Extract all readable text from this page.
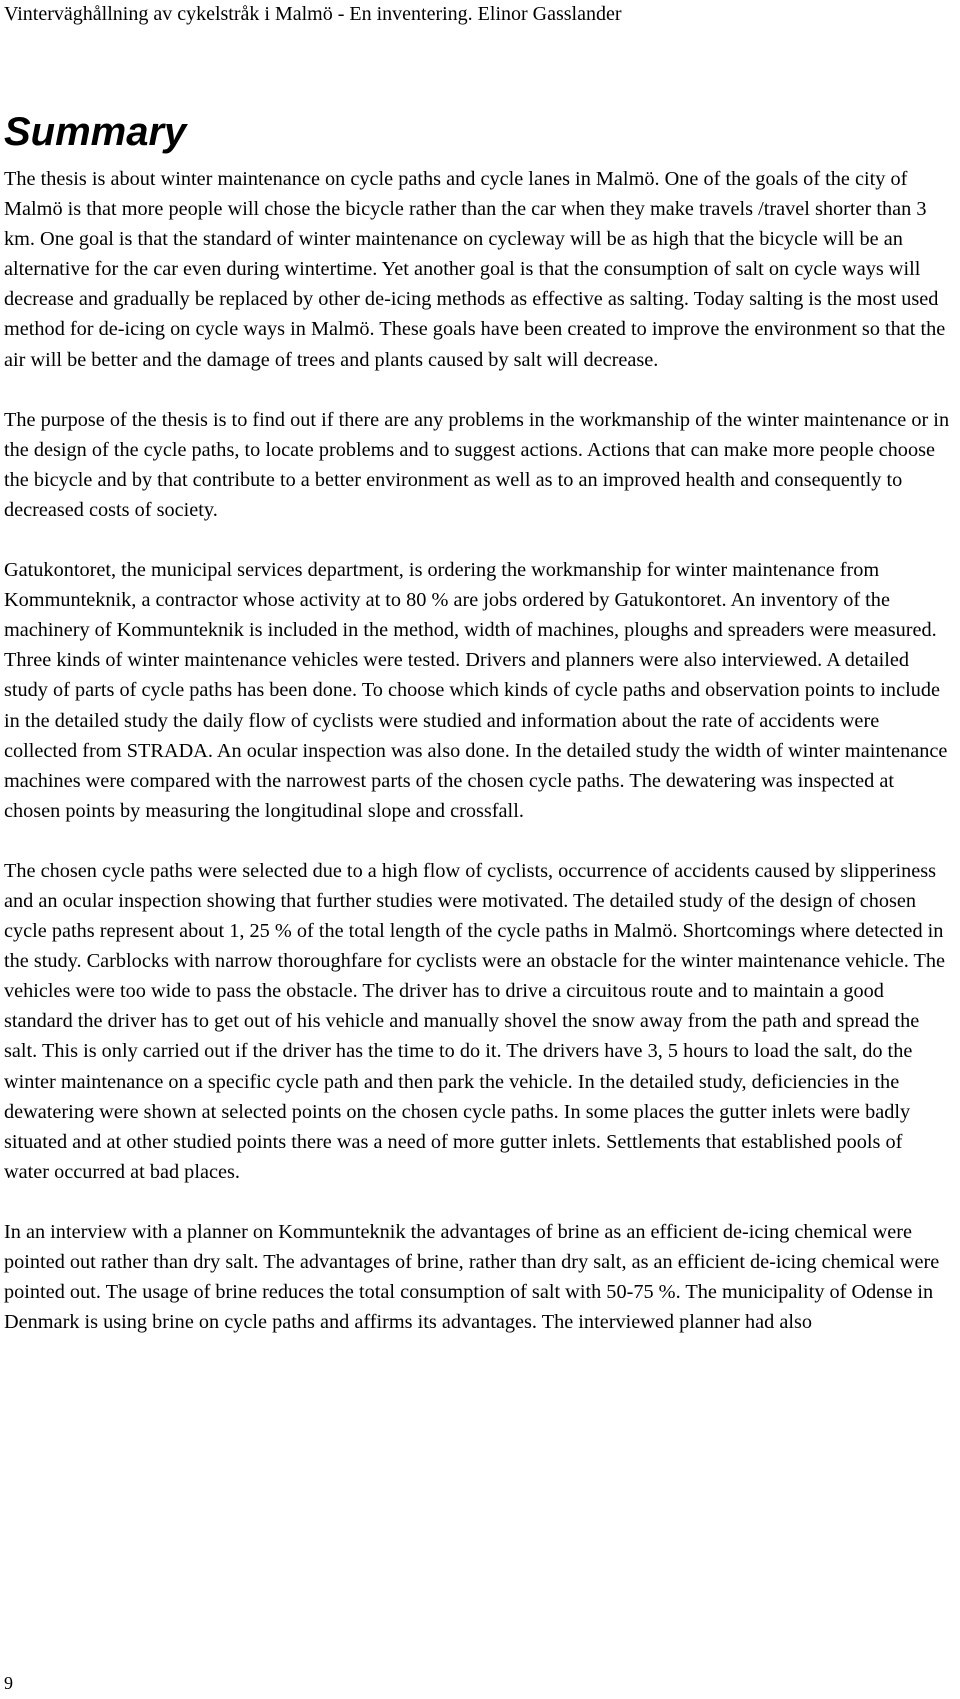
Vinterväghållning av cykelstråk i Malmö - En inventering. Elinor Gasslander
Summary

The thesis is about winter maintenance on cycle paths and cycle lanes in Malmö. One of the goals of the city of Malmö is that more people will chose the bicycle rather than the car when they make travels /travel shorter than 3 km. One goal is that the standard of winter maintenance on cycleway will be as high that the bicycle will be an alternative for the car even during wintertime. Yet another goal is that the consumption of salt on cycle ways will decrease and gradually be replaced by other de-icing methods as effective as salting. Today salting is the most used method for de-icing on cycle ways in Malmö. These goals have been created to improve the environment so that the air will be better and the damage of trees and plants caused by salt will decrease.

The purpose of the thesis is to find out if there are any problems in the workmanship of the winter maintenance or in the design of the cycle paths, to locate problems and to suggest actions. Actions that can make more people choose the bicycle and by that contribute to a better environment as well as to an improved health and consequently to decreased costs of society.

Gatukontoret, the municipal services department, is ordering the workmanship for winter maintenance from Kommunteknik, a contractor whose activity at to 80 % are jobs ordered by Gatukontoret. An inventory of the machinery of Kommunteknik is included in the method, width of machines, ploughs and spreaders were measured. Three kinds of winter maintenance vehicles were tested. Drivers and planners were also interviewed. A detailed study of parts of cycle paths has been done. To choose which kinds of cycle paths and observation points to include in the detailed study the daily flow of cyclists were studied and information about the rate of accidents were collected from STRADA. An ocular inspection was also done. In the detailed study the width of winter maintenance machines were compared with the narrowest parts of the chosen cycle paths. The dewatering was inspected at chosen points by measuring the longitudinal slope and crossfall.

The chosen cycle paths were selected due to a high flow of cyclists, occurrence of accidents caused by slipperiness and an ocular inspection showing that further studies were motivated. The detailed study of the design of chosen cycle paths represent about 1, 25 % of the total length of the cycle paths in Malmö. Shortcomings where detected in the study. Carblocks with narrow thoroughfare for cyclists were an obstacle for the winter maintenance vehicle. The vehicles were too wide to pass the obstacle. The driver has to drive a circuitous route and to maintain a good standard the driver has to get out of his vehicle and manually shovel the snow away from the path and spread the salt. This is only carried out if the driver has the time to do it. The drivers have 3, 5 hours to load the salt, do the winter maintenance on a specific cycle path and then park the vehicle. In the detailed study, deficiencies in the dewatering were shown at selected points on the chosen cycle paths. In some places the gutter inlets were badly situated and at other studied points there was a need of more gutter inlets. Settlements that established pools of water occurred at bad places.

In an interview with a planner on Kommunteknik the advantages of brine as an efficient de-icing chemical were pointed out rather than dry salt. The advantages of brine, rather than dry salt, as an efficient de-icing chemical were pointed out. The usage of brine reduces the total consumption of salt with 50-75 %. The municipality of Odense in Denmark is using brine on cycle paths and affirms its advantages. The interviewed planner had also

9
